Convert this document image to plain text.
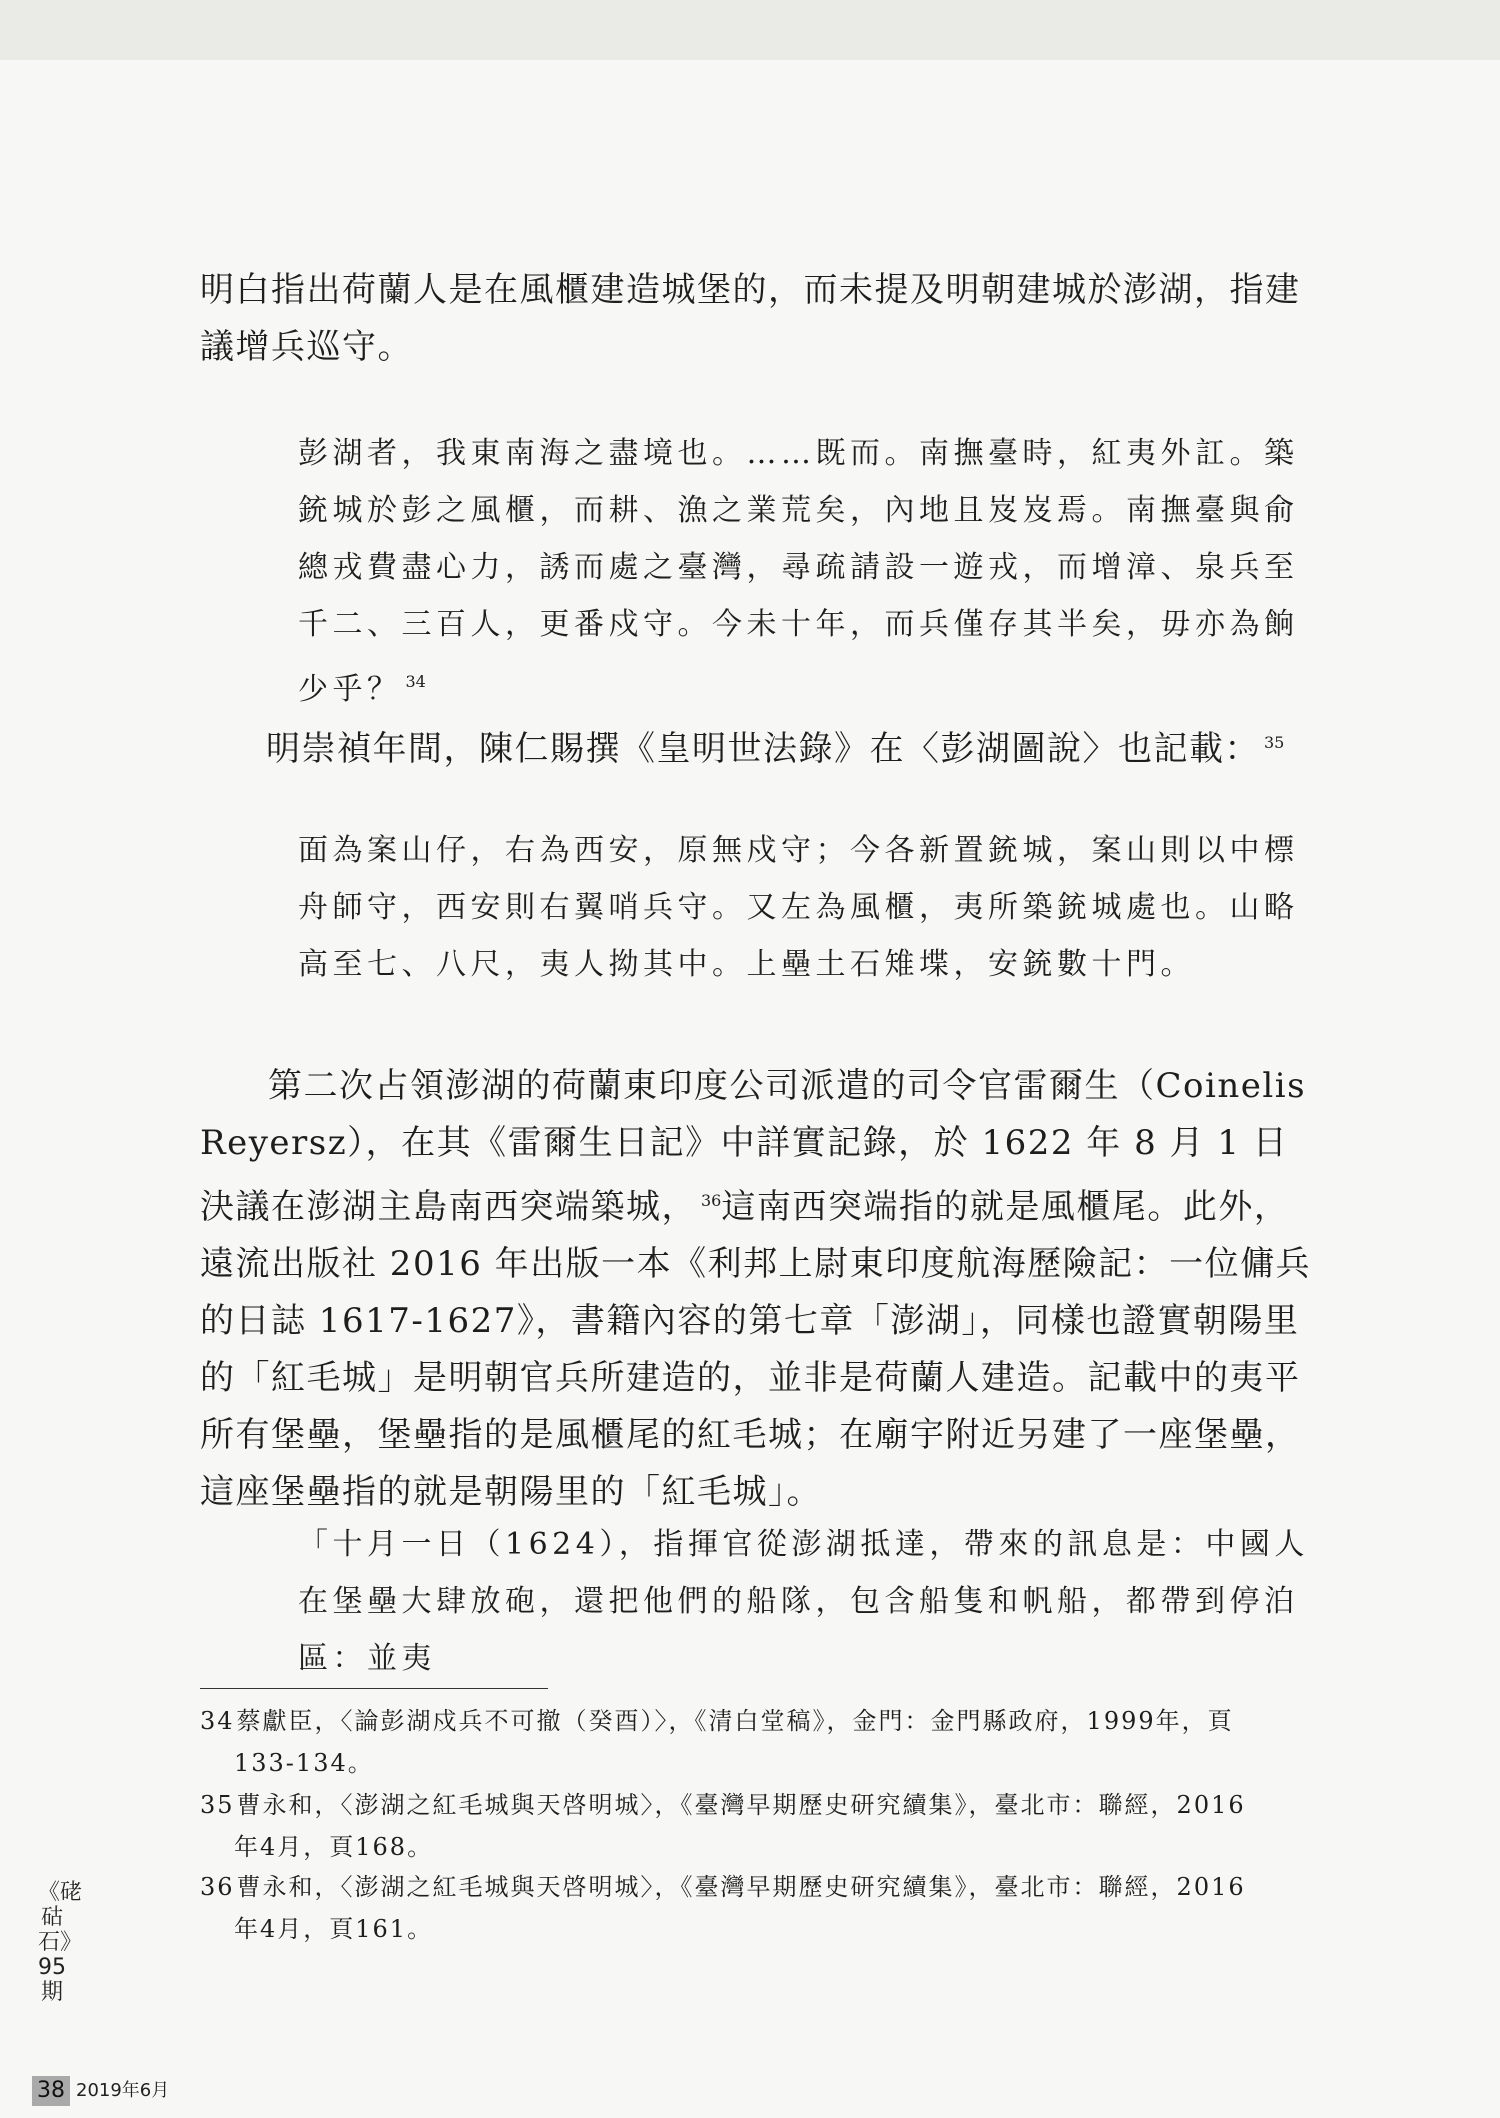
明白指出荷蘭人是在風櫃建造城堡的，而未提及明朝建城於澎湖，指建議增兵巡守。

彭湖者，我東南海之盡境也。……既而。南撫臺時，紅夷外訌。築銃城於彭之風櫃，而耕、漁之業荒矣，內地且岌岌焉。南撫臺與俞總戎費盡心力，誘而處之臺灣，尋疏請設一遊戎，而增漳、泉兵至千二、三百人，更番戍守。今未十年，而兵僅存其半矣，毋亦為餉少乎？ $^{34}$

明崇禎年間，陳仁賜撰《皇明世法錄》在〈彭湖圖說〉也記載： $^{35}$

面為案山仔，右為西安，原無戍守；今各新置銃城，案山則以中標舟師守，西安則右翼哨兵守。又左為風櫃，夷所築銃城處也。山略高至七、八尺，夷人拗其中。上壘土石雉堞，安銃數十門。

第二次占領澎湖的荷蘭東印度公司派遣的司令官雷爾生（Coinelis Reyersz），在其《雷爾生日記》中詳實記錄，於 1622 年 8 月 1 日決議在澎湖主島南西突端築城， $^{36}$這南西突端指的就是風櫃尾。此外，遠流出版社 2016 年出版一本《利邦上尉東印度航海歷險記：一位傭兵的日誌 1617-1627》，書籍內容的第七章「澎湖」，同樣也證實朝陽里的「紅毛城」是明朝官兵所建造的，並非是荷蘭人建造。記載中的夷平所有堡壘，堡壘指的是風櫃尾的紅毛城；在廟宇附近另建了一座堡壘，這座堡壘指的就是朝陽里的「紅毛城」。

「十月一日（1624），指揮官從澎湖抵達，帶來的訊息是：中國人在堡壘大肆放砲，還把他們的船隊，包含船隻和帆船，都帶到停泊區：並夷

34蔡獻臣，〈論彭湖戍兵不可撤（癸酉）〉，《清白堂稿》，金門：金門縣政府，1999年，頁
133-134。
35曹永和，〈澎湖之紅毛城與天啓明城〉，《臺灣早期歷史研究續集》，臺北市：聯經，2016
年4月，頁168。
36曹永和，〈澎湖之紅毛城與天啓明城〉，《臺灣早期歷史研究續集》，臺北市：聯經，2016
年4月，頁161。
《硓𥑮石》95期
38 2019年6月
